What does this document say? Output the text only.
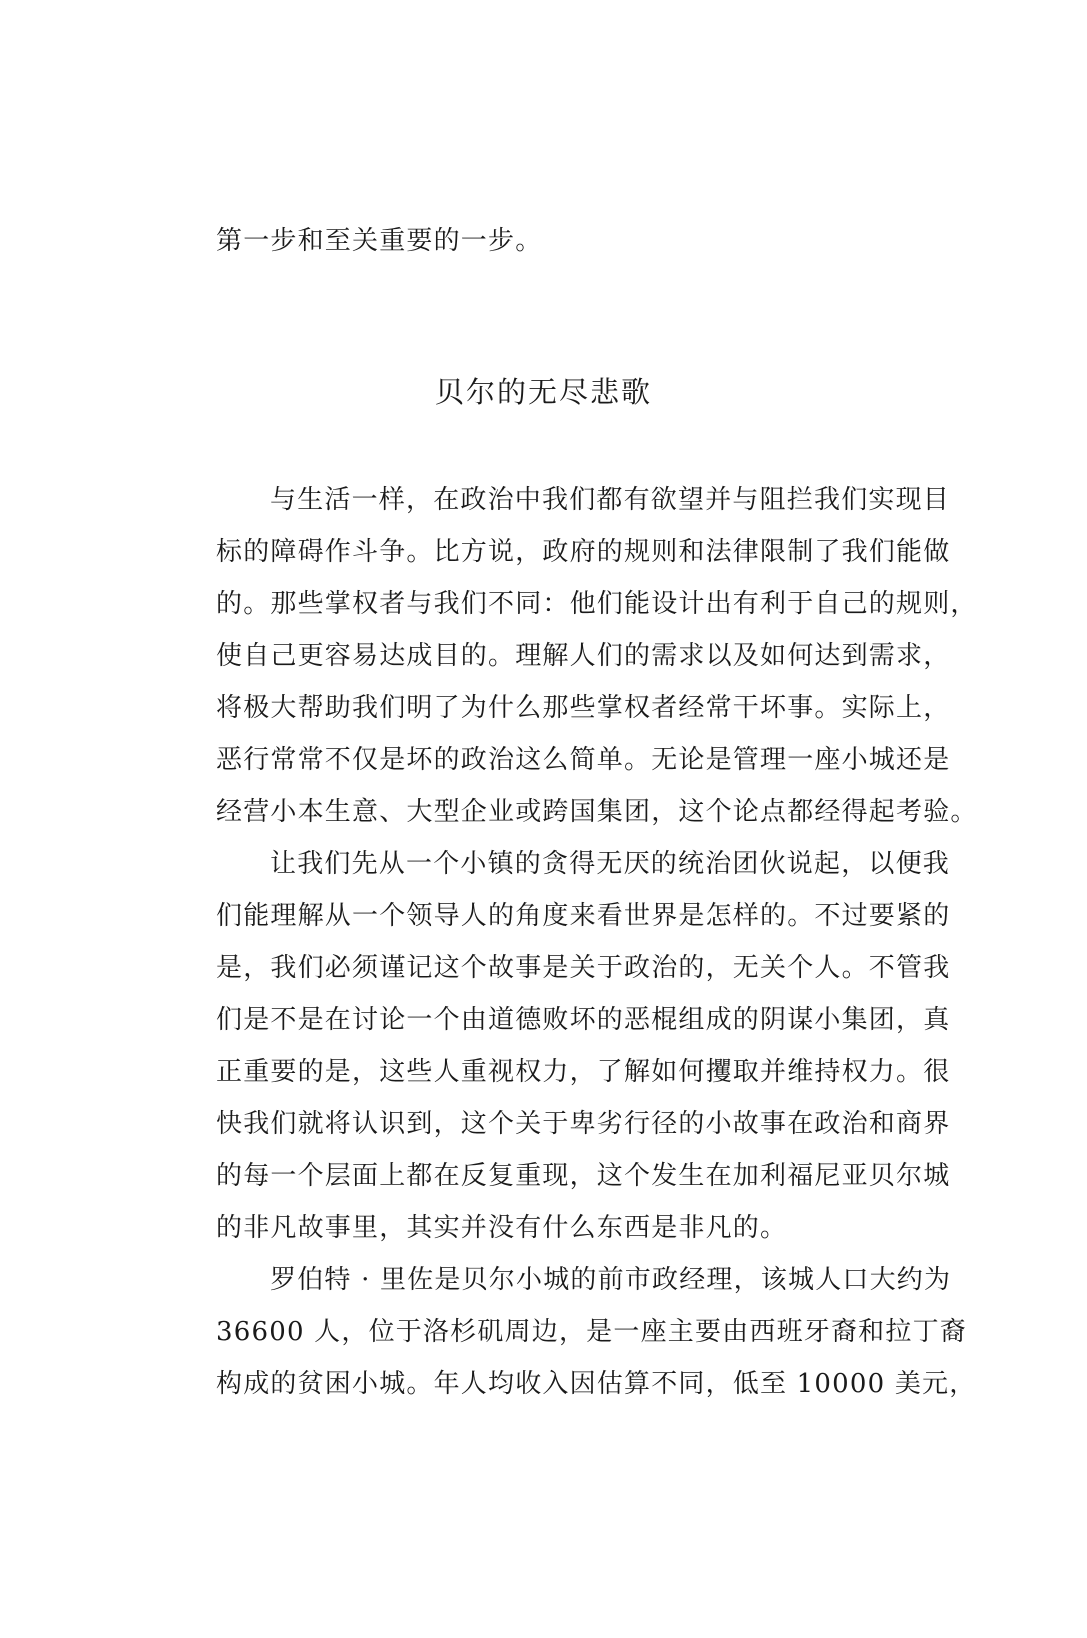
第一步和至关重要的一步。
贝尔的无尽悲歌
与生活一样，在政治中我们都有欲望并与阻拦我们实现目
标的障碍作斗争。比方说，政府的规则和法律限制了我们能做
的。那些掌权者与我们不同：他们能设计出有利于自己的规则，
使自己更容易达成目的。理解人们的需求以及如何达到需求，
将极大帮助我们明了为什么那些掌权者经常干坏事。实际上，
恶行常常不仅是坏的政治这么简单。无论是管理一座小城还是
经营小本生意、大型企业或跨国集团，这个论点都经得起考验。
让我们先从一个小镇的贪得无厌的统治团伙说起，以便我
们能理解从一个领导人的角度来看世界是怎样的。不过要紧的
是，我们必须谨记这个故事是关于政治的，无关个人。不管我
们是不是在讨论一个由道德败坏的恶棍组成的阴谋小集团，真
正重要的是，这些人重视权力，了解如何攫取并维持权力。很
快我们就将认识到，这个关于卑劣行径的小故事在政治和商界
的每一个层面上都在反复重现，这个发生在加利福尼亚贝尔城
的非凡故事里，其实并没有什么东西是非凡的。
罗伯特 · 里佐是贝尔小城的前市政经理，该城人口大约为
36600 人，位于洛杉矶周边，是一座主要由西班牙裔和拉丁裔
构成的贫困小城。年人均收入因估算不同，低至 10000 美元，
